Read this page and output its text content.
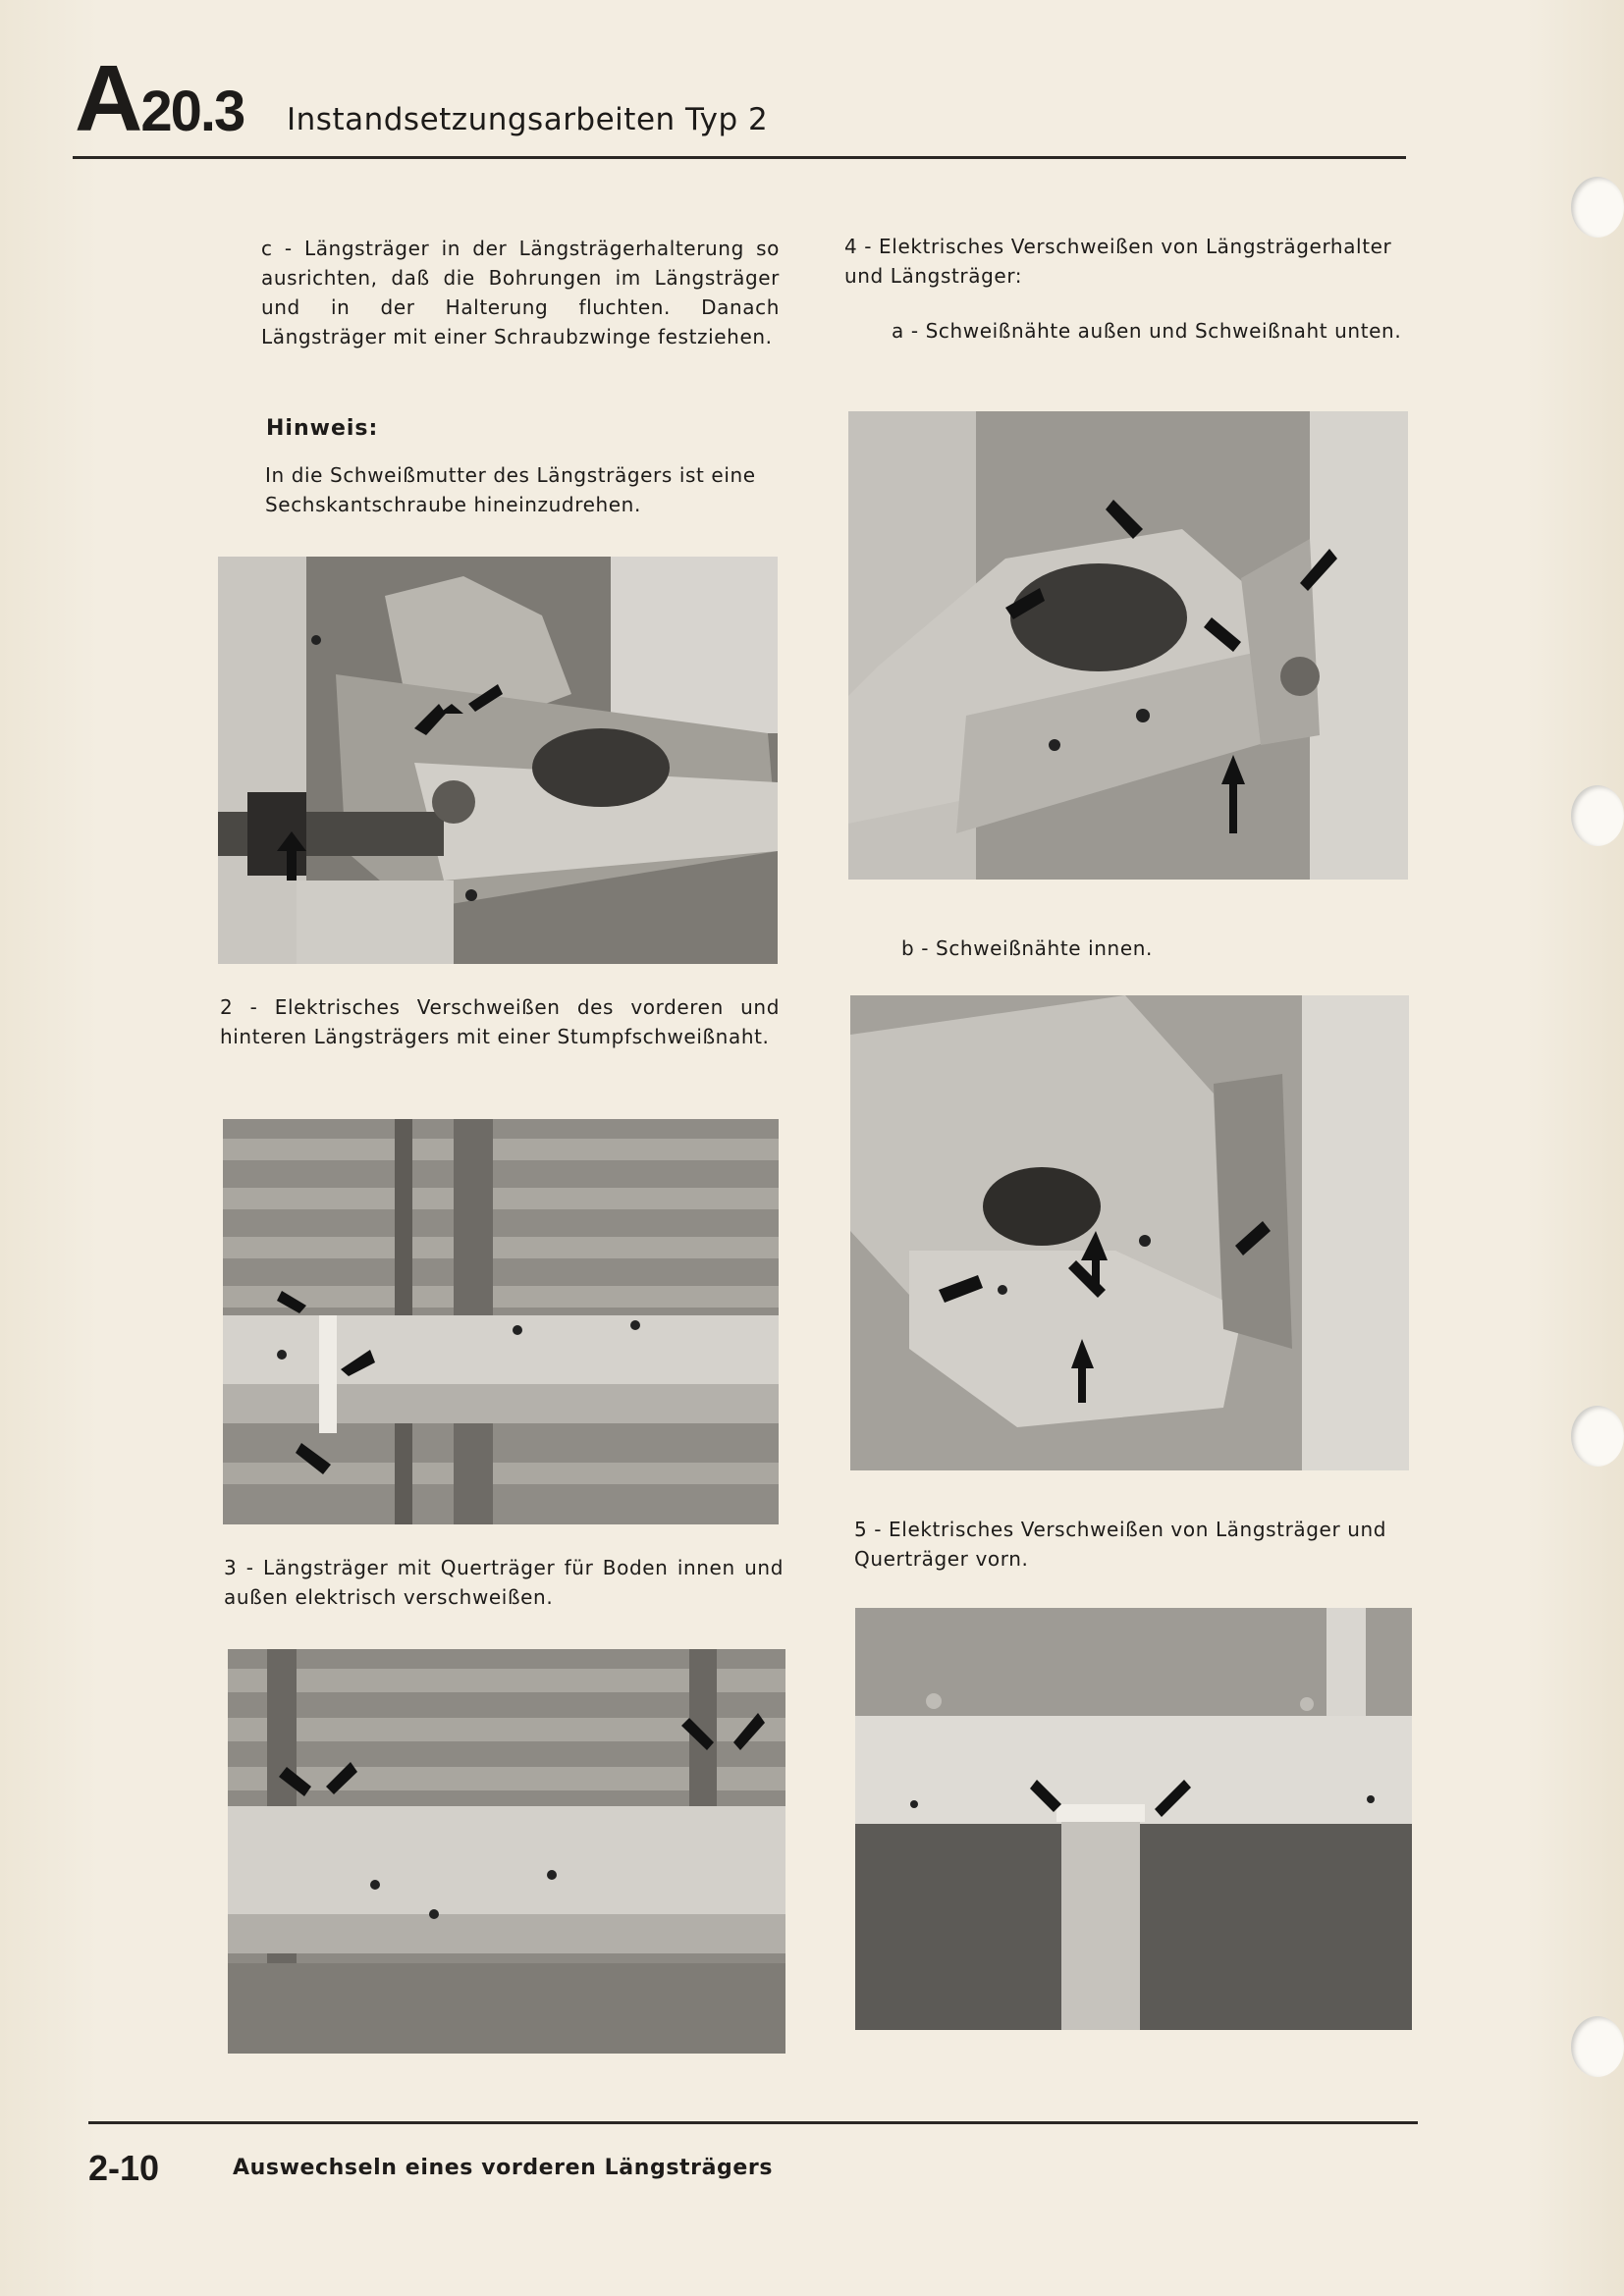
A20.3 Instandsetzungsarbeiten Typ 2
c - Längsträger in der Längsträgerhalterung so ausrichten, daß die Bohrungen im Längsträger und in der Halterung fluchten. Danach Längsträger mit einer Schraubzwinge festziehen.
Hinweis:
In die Schweißmutter des Längsträgers ist eine Sechskantschraube hineinzudrehen.
2 - Elektrisches Verschweißen des vorderen und hinteren Längsträgers mit einer Stumpfschweißnaht.
3 - Längsträger mit Querträger für Boden innen und außen elektrisch verschweißen.
4 - Elektrisches Verschweißen von Längsträgerhalter und Längsträger:
a - Schweißnähte außen und Schweißnaht unten.
b - Schweißnähte innen.
5 - Elektrisches Verschweißen von Längsträger und Querträger vorn.
2-10	Auswechseln eines vorderen Längsträgers
